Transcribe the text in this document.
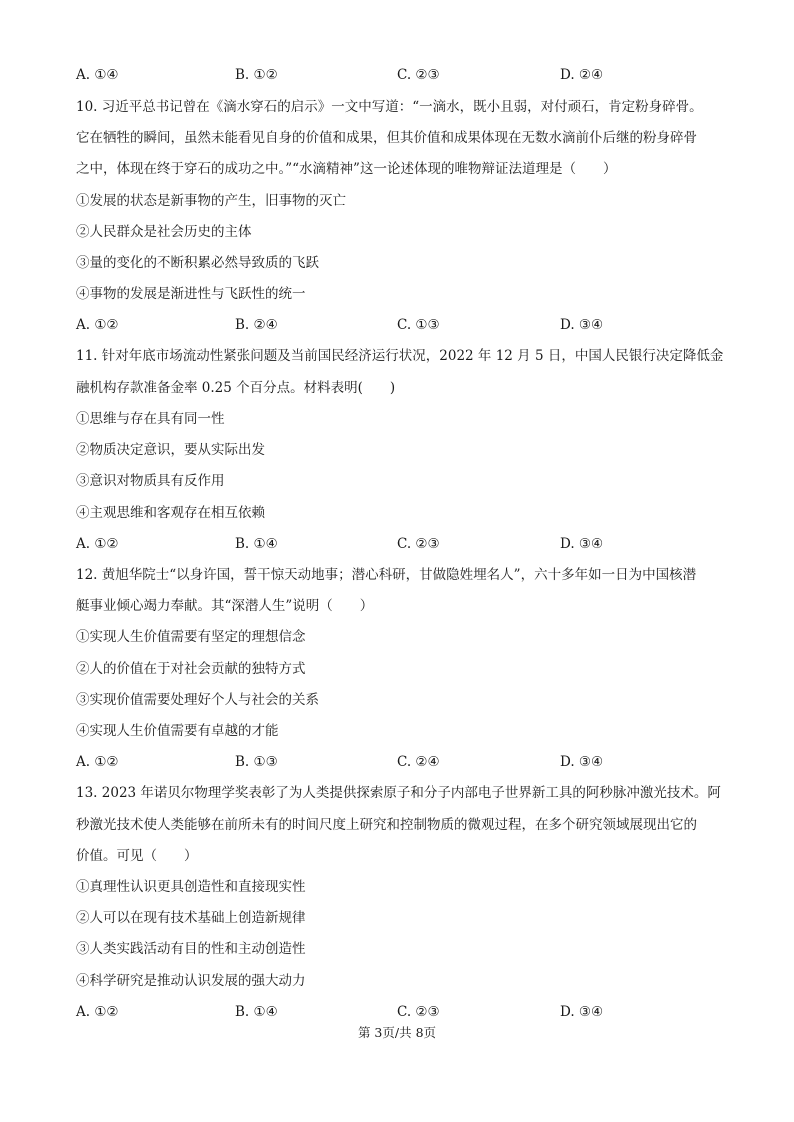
A. ①④	B. ①②	C. ②③	D. ②④
10. 习近平总书记曾在《滴水穿石的启示》一文中写道：“一滴水，既小且弱，对付顽石，肯定粉身碎骨。
它在牺牲的瞬间，虽然未能看见自身的价值和成果，但其价值和成果体现在无数水滴前仆后继的粉身碎骨
之中，体现在终于穿石的成功之中。”“水滴精神”这一论述体现的唯物辩证法道理是（　　）
①发展的状态是新事物的产生，旧事物的灭亡
②人民群众是社会历史的主体
③量的变化的不断积累必然导致质的飞跃
④事物的发展是渐进性与飞跃性的统一
A. ①②	B. ②④	C. ①③	D. ③④
11. 针对年底市场流动性紧张问题及当前国民经济运行状况，2022 年 12 月 5 日，中国人民银行决定降低金
融机构存款准备金率 0.25 个百分点。材料表明(　　)
①思维与存在具有同一性
②物质决定意识，要从实际出发
③意识对物质具有反作用
④主观思维和客观存在相互依赖
A. ①②	B. ①④	C. ②③	D. ③④
12. 黄旭华院士“以身许国，誓干惊天动地事；潜心科研，甘做隐姓埋名人”，六十多年如一日为中国核潜
艇事业倾心竭力奉献。其“深潜人生”说明（　　）
①实现人生价值需要有坚定的理想信念
②人的价值在于对社会贡献的独特方式
③实现价值需要处理好个人与社会的关系
④实现人生价值需要有卓越的才能
A. ①②	B. ①③	C. ②④	D. ③④
13. 2023 年诺贝尔物理学奖表彰了为人类提供探索原子和分子内部电子世界新工具的阿秒脉冲激光技术。阿
秒激光技术使人类能够在前所未有的时间尺度上研究和控制物质的微观过程，在多个研究领域展现出它的
价值。可见（　　）
①真理性认识更具创造性和直接现实性
②人可以在现有技术基础上创造新规律
③人类实践活动有目的性和主动创造性
④科学研究是推动认识发展的强大动力
A. ①②	B. ①④	C. ②③	D. ③④
第 3页/共 8页
